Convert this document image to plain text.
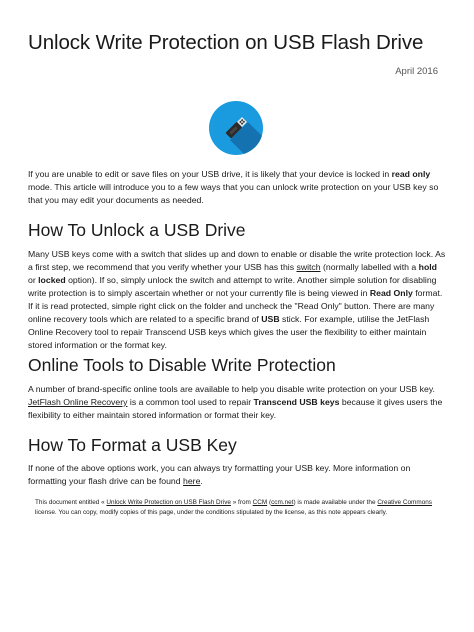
Unlock Write Protection on USB Flash Drive
April 2016

If you are unable to edit or save files on your USB drive, it is likely that your device is locked in read only mode. This article will introduce you to a few ways that you can unlock write protection on your USB key so that you may edit your documents as needed.

How To Unlock a USB Drive

Many USB keys come with a switch that slides up and down to enable or disable the write protection lock. As a first step, we recommend that you verify whether your USB has this switch (normally labelled with a hold or locked option). If so, simply unlock the switch and attempt to write. Another simple solution for disabling write protection is to simply ascertain whether or not your currently file is being viewed in Read Only format. If it is read protected, simple right click on the folder and uncheck the "Read Only" button. There are many online recovery tools which are related to a specific brand of USB stick. For example, utilise the JetFlash Online Recovery tool to repair Transcend USB keys which gives the user the flexibility to either maintain stored information or the format key.

Online Tools to Disable Write Protection

A number of brand-specific online tools are available to help you disable write protection on your USB key. JetFlash Online Recovery is a common tool used to repair Transcend USB keys because it gives users the flexibility to either maintain stored information or format their key.

How To Format a USB Key

If none of the above options work, you can always try formatting your USB key. More information on formatting your flash drive can be found here.

This document entitled « Unlock Write Protection on USB Flash Drive » from CCM (ccm.net) is made available under the Creative Commons license. You can copy, modify copies of this page, under the conditions stipulated by the license, as this note appears clearly.
